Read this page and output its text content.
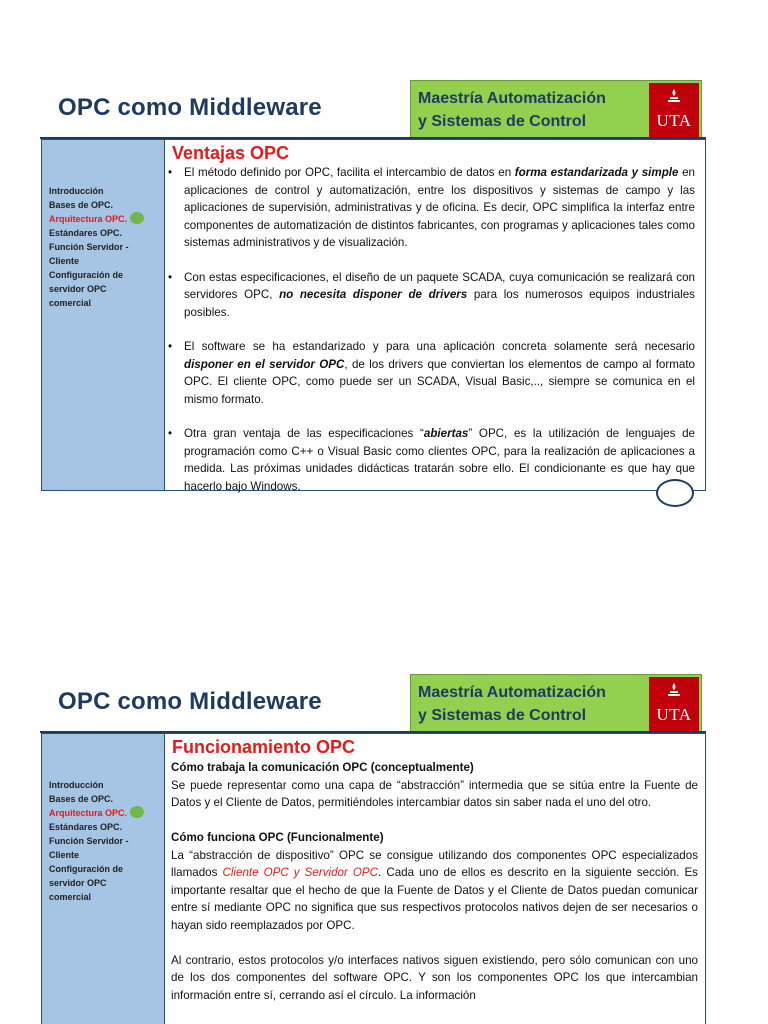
OPC como Middleware	Maestría Automatización
y Sistemas de Control	UTA
Introducción
Bases de OPC.
Arquitectura OPC.
Estándares OPC.
Función Servidor -
Cliente
Configuración de
servidor OPC
comercial
Ventajas OPC
• El método definido por OPC, facilita el intercambio de datos en forma estandarizada y simple en aplicaciones de control y automatización, entre los dispositivos y sistemas de campo y las aplicaciones de supervisión, administrativas y de oficina. Es decir, OPC simplifica la interfaz entre componentes de automatización de distintos fabricantes, con programas y aplicaciones tales como sistemas administrativos y de visualización.
• Con estas especificaciones, el diseño de un paquete SCADA, cuya comunicación se realizará con servidores OPC, no necesita disponer de drivers para los numerosos equipos industriales posibles.
• El software se ha estandarizado y para una aplicación concreta solamente será necesario disponer en el servidor OPC, de los drivers que conviertan los elementos de campo al formato OPC. El cliente OPC, como puede ser un SCADA, Visual Basic,.., siempre se comunica en el mismo formato.
• Otra gran ventaja de las especificaciones “abiertas” OPC, es la utilización de lenguajes de programación como C++ o Visual Basic como clientes OPC, para la realización de aplicaciones a medida. Las próximas unidades didácticas tratarán sobre ello. El condicionante es que hay que hacerlo bajo Windows.
OPC como Middleware	Maestría Automatización
y Sistemas de Control	UTA
Introducción
Bases de OPC.
Arquitectura OPC.
Estándares OPC.
Función Servidor -
Cliente
Configuración de
servidor OPC
comercial
Funcionamiento OPC

Cómo trabaja la comunicación OPC (conceptualmente)

Se puede representar como una capa de “abstracción” intermedia que se sitúa entre la Fuente de Datos y el Cliente de Datos, permitiéndoles intercambiar datos sin saber nada el uno del otro.

Cómo funciona OPC (Funcionalmente)

La “abstracción de dispositivo” OPC se consigue utilizando dos componentes OPC especializados llamados Cliente OPC y Servidor OPC. Cada uno de ellos es descrito en la siguiente sección. Es importante resaltar que el hecho de que la Fuente de Datos y el Cliente de Datos puedan comunicar entre sí mediante OPC no significa que sus respectivos protocolos nativos dejen de ser necesarios o hayan sido reemplazados por OPC.

Al contrario, estos protocolos y/o interfaces nativos siguen existiendo, pero sólo comunican con uno de los dos componentes del software OPC. Y son los componentes OPC los que intercambian información entre sí, cerrando así el círculo. La información
